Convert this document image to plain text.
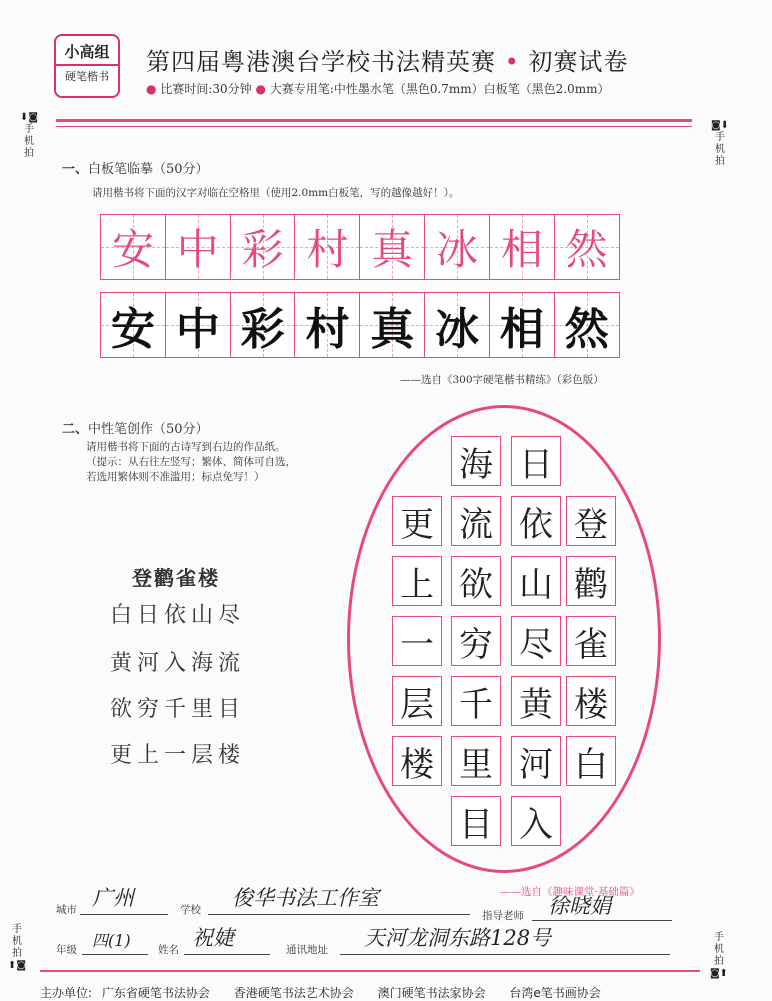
小高组
硬笔楷书
第四届粤港澳台学校书法精英赛 • 初赛试卷
● 比赛时间:30分钟 ● 大赛专用笔:中性墨水笔（黑色0.7mm）白板笔（黑色2.0mm）
⬇◙
手机拍
◙⬇
手机拍
手机拍
⬆◙
手机拍
◙⬆
一、白板笔临摹（50分）
请用楷书将下面的汉字对临在空格里（使用2.0mm白板笔，写的越像越好！）。
安 中 彩 村 真 冰 相 然
安 中 彩 村 真 冰 相 然
——选自《300字硬笔楷书精练》（彩色版）
二、中性笔创作（50分）
请用楷书将下面的古诗写到右边的作品纸。
（提示：从右往左竖写；繁体、简体可自选，
若选用繁体则不准滥用；标点免写！）
登鹳雀楼
白日依山尽
黄河入海流
欲穷千里目
更上一层楼
登
鹳
雀
楼
白
日
依
山
尽
黄
河
入
海
流
欲
穷
千
里
目
更
上
一
层
楼
——选自《趣味课堂·基础篇》
城市 广州	学校 俊华书法工作室
指导老师 徐晓娟
年级 四(1)	姓名 祝婕	通讯地址 天河龙洞东路128号
主办单位: 广东省硬笔书法协会 香港硬笔书法艺术协会 澳门硬笔书法家协会 台湾e笔书画协会
